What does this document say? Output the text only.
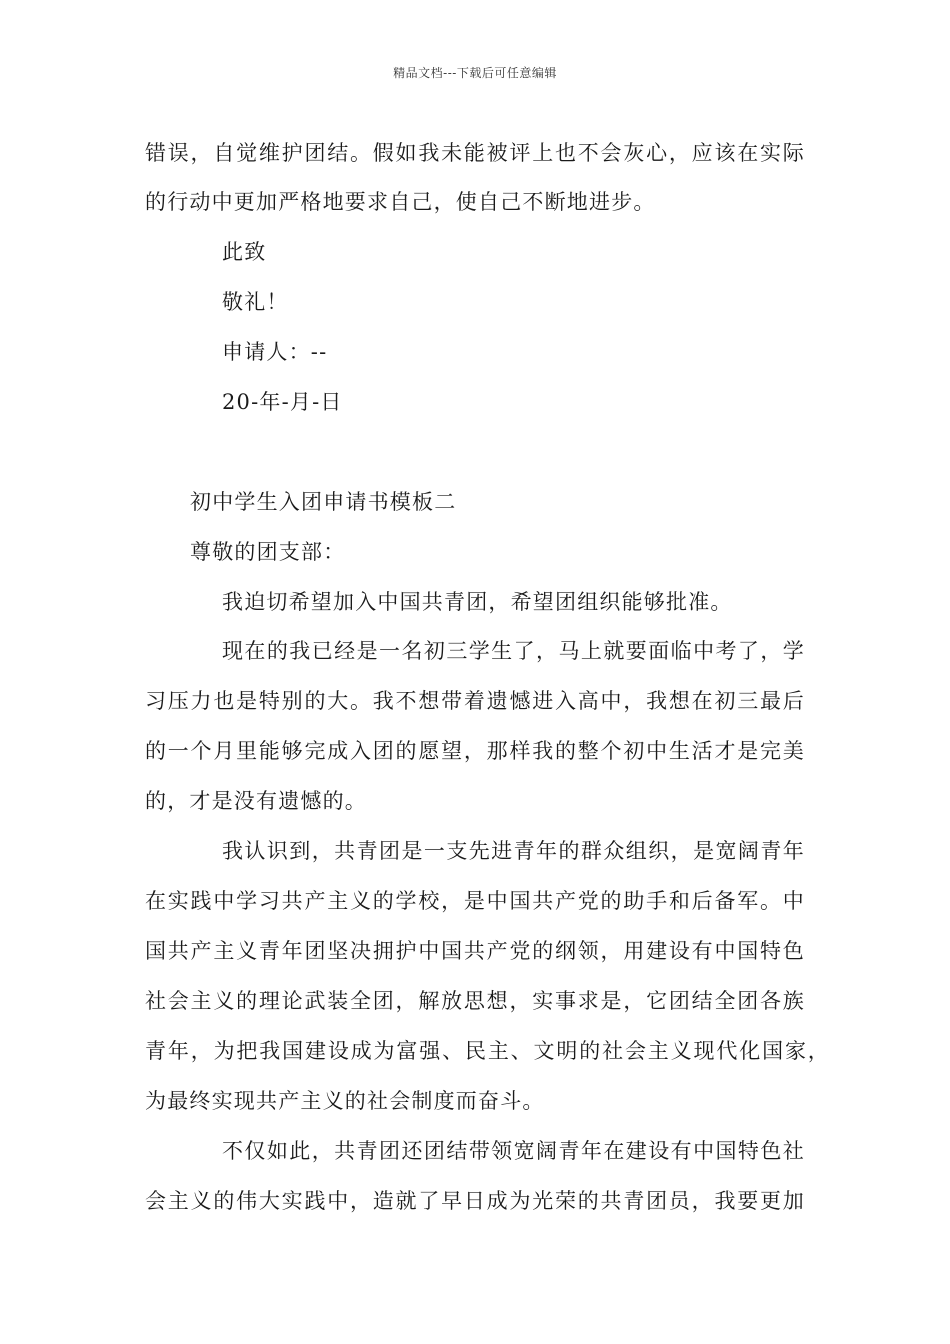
精品文档---下载后可任意编辑
错误，自觉维护团结。假如我未能被评上也不会灰心，应该在实际
的行动中更加严格地要求自己，使自己不断地进步。
此致
敬礼！
申请人：--
20-年-月-日
初中学生入团申请书模板二
尊敬的团支部：
我迫切希望加入中国共青团，希望团组织能够批准。
现在的我已经是一名初三学生了，马上就要面临中考了，学
习压力也是特别的大。我不想带着遗憾进入高中，我想在初三最后
的一个月里能够完成入团的愿望，那样我的整个初中生活才是完美
的，才是没有遗憾的。
我认识到，共青团是一支先进青年的群众组织，是宽阔青年
在实践中学习共产主义的学校，是中国共产党的助手和后备军。中
国共产主义青年团坚决拥护中国共产党的纲领，用建设有中国特色
社会主义的理论武装全团，解放思想，实事求是，它团结全团各族
青年，为把我国建设成为富强、民主、文明的社会主义现代化国家，
为最终实现共产主义的社会制度而奋斗。
不仅如此，共青团还团结带领宽阔青年在建设有中国特色社
会主义的伟大实践中，造就了早日成为光荣的共青团员，我要更加
